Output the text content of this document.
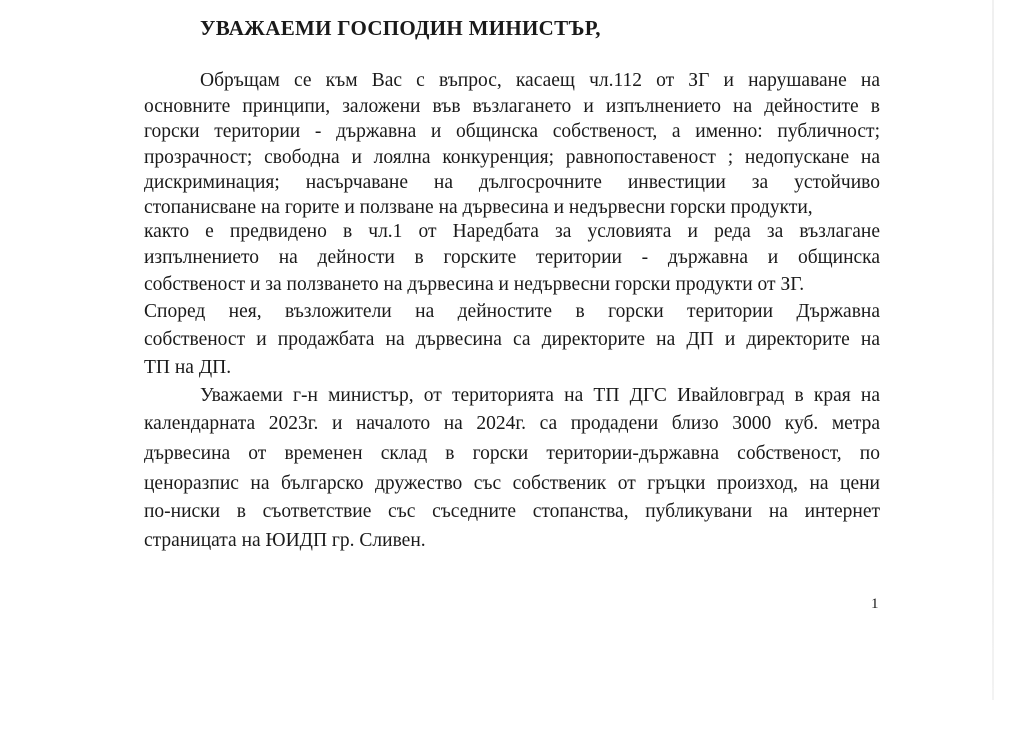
УВАЖАЕМИ ГОСПОДИН МИНИСТЪР,
Обръщам се към Вас с въпрос, касаещ чл.112 от ЗГ и нарушаване на
основните принципи, заложени във възлагането и изпълнението на дейностите в
горски територии - държавна и общинска собственост, а именно: публичност;
прозрачност; свободна и лоялна конкуренция; равнопоставеност ; недопускане на
дискриминация; насърчаване на дългосрочните инвестиции за устойчиво
стопанисване на горите и ползване на дървесина и недървесни горски продукти,
както е предвидено в чл.1 от Наредбата за условията и реда за възлагане
изпълнението на дейности в горските територии - държавна и общинска
собственост и за ползването на дървесина и недървесни горски продукти от ЗГ.
Според нея, възложители на дейностите в горски територии Държавна
собственост и продажбата на дървесина са директорите на ДП и директорите на
ТП на ДП.
Уважаеми г-н министър, от територията на ТП ДГС Ивайловград в края на
календарната 2023г. и началото на 2024г. са продадени близо 3000 куб. метра
дървесина от временен склад в горски територии-държавна собственост, по
ценоразпис на българско дружество със собственик от гръцки произход, на цени
по-ниски в съответствие със съседните стопанства, публикувани на интернет
страницата на ЮИДП гр. Сливен.
1
